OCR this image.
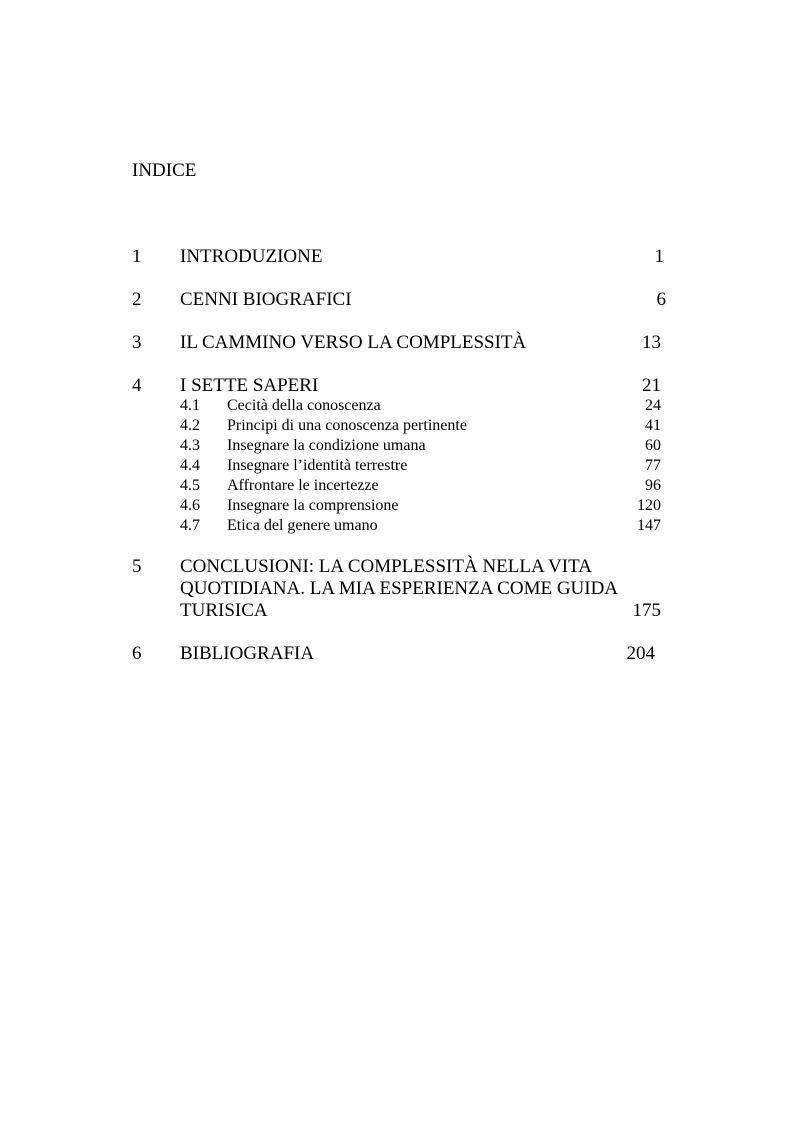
INDICE
1 INTRODUZIONE	1
2 CENNI BIOGRAFICI	6
3 IL CAMMINO VERSO LA COMPLESSITÀ	13
4 I SETTE SAPERI	21
4.1 Cecità della conoscenza	24
4.2 Principi di una conoscenza pertinente	41
4.3 Insegnare la condizione umana	60
4.4 Insegnare l’identità terrestre	77
4.5 Affrontare le incertezze	96
4.6 Insegnare la comprensione	120
4.7 Etica del genere umano	147
5 CONCLUSIONI: LA COMPLESSITÀ NELLA VITA
QUOTIDIANA. LA MIA ESPERIENZA COME GUIDA
TURISICA	175
6 BIBLIOGRAFIA	204
